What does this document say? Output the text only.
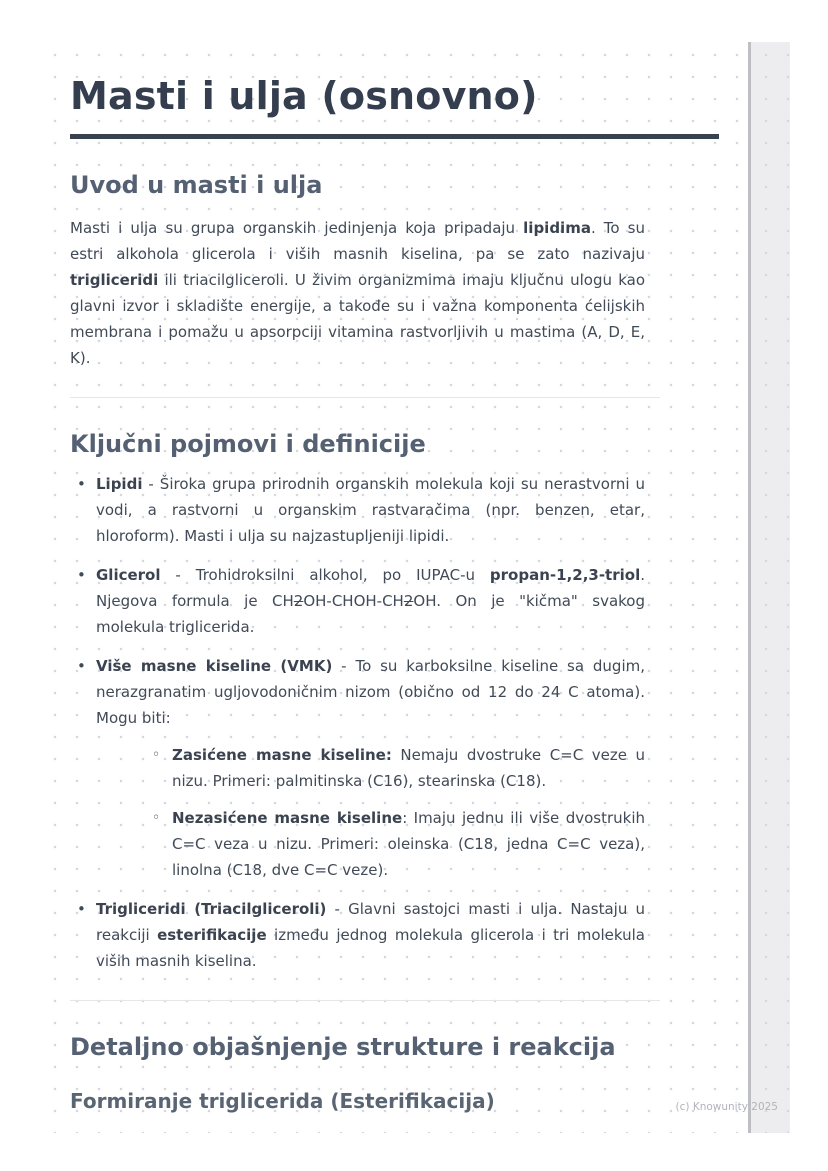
Masti i ulja (osnovno)
Uvod u masti i ulja

Masti i ulja su grupa organskih jedinjenja koja pripadaju lipidima. To su estri alkohola glicerola i viših masnih kiselina, pa se zato nazivaju trigliceridi ili triacilgliceroli. U živim organizmima imaju ključnu ulogu kao glavni izvor i skladište energije, a takođe su i važna komponenta ćelijskih membrana i pomažu u apsorpciji vitamina rastvorljivih u mastima (A, D, E, K).

Ključni pojmovi i definicije
• Lipidi - Široka grupa prirodnih organskih molekula koji su nerastvorni u vodi, a rastvorni u organskim rastvaračima (npr. benzen, etar, hloroform). Masti i ulja su najzastupljeniji lipidi.
• Glicerol - Trohidroksilni alkohol, po IUPAC-u propan-1,2,3-triol. Njegova formula je CH2OH-CHOH-CH2OH. On je "kičma" svakog molekula triglicerida.
• Više masne kiseline (VMK) - To su karboksilne kiseline sa dugim, nerazgranatim ugljovodoničnim nizom (obično od 12 do 24 C atoma). Mogu biti:
◦ Zasićene masne kiseline: Nemaju dvostruke C=C veze u nizu. Primeri: palmitinska (C16), stearinska (C18).
◦ Nezasićene masne kiseline: Imaju jednu ili više dvostrukih C=C veza u nizu. Primeri: oleinska (C18, jedna C=C veza), linolna (C18, dve C=C veze).
• Trigliceridi (Triacilgliceroli) - Glavni sastojci masti i ulja. Nastaju u reakciji esterifikacije između jednog molekula glicerola i tri molekula viših masnih kiselina.
Detaljno objašnjenje strukture i reakcija
Formiranje triglicerida (Esterifikacija)	(c) Knowunity 2025
